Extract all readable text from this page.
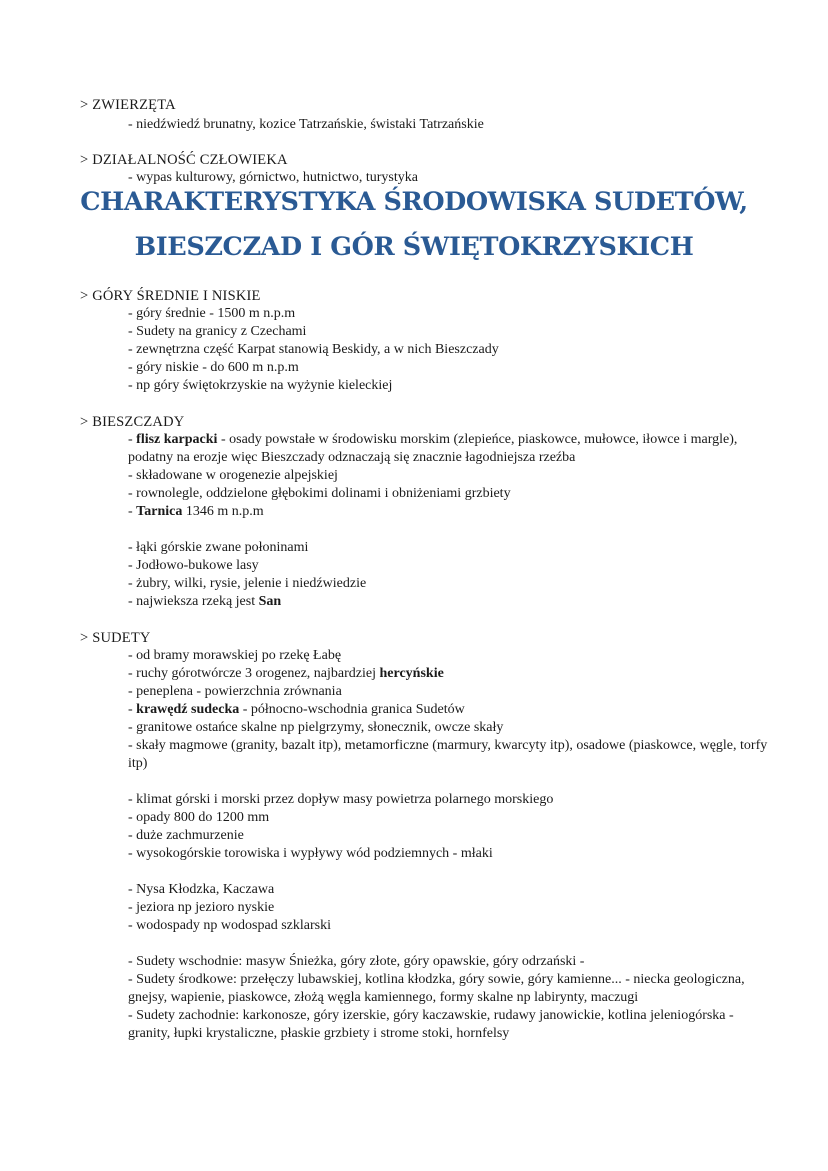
> ZWIERZĘTA
- niedźwiedź brunatny, kozice Tatrzańskie, świstaki Tatrzańskie
> DZIAŁALNOŚĆ CZŁOWIEKA
- wypas kulturowy, górnictwo, hutnictwo, turystyka
CHARAKTERYSTYKA ŚRODOWISKA SUDETÓW,
BIESZCZAD I GÓR ŚWIĘTOKRZYSKICH
> GÓRY ŚREDNIE I NISKIE
- góry średnie - 1500 m n.p.m
- Sudety na granicy z Czechami
- zewnętrzna część Karpat stanowią Beskidy, a w nich Bieszczady
- góry niskie - do 600 m n.p.m
- np góry świętokrzyskie na wyżynie kieleckiej
> BIESZCZADY
- flisz karpacki - osady powstałe w środowisku morskim (zlepieńce, piaskowce, mułowce, iłowce i margle), podatny na erozje więc Bieszczady odznaczają się znacznie łagodniejsza rzeźba
- składowane w orogenezie alpejskiej
- rownolegle, oddzielone głębokimi dolinami i obniżeniami grzbiety
- Tarnica 1346 m n.p.m
- łąki górskie zwane połoninami
- Jodłowo-bukowe lasy
- żubry, wilki, rysie, jelenie i niedźwiedzie
- najwieksza rzeką jest San
> SUDETY
- od bramy morawskiej po rzekę Łabę
- ruchy górotwórcze 3 orogenez, najbardziej hercyńskie
- peneplena - powierzchnia zrównania
- krawędź sudecka - północno-wschodnia granica Sudetów
- granitowe ostańce skalne np pielgrzymy, słonecznik, owcze skały
- skały magmowe (granity, bazalt itp), metamorficzne (marmury, kwarcyty itp), osadowe (piaskowce, węgle, torfy itp)
- klimat górski i morski przez dopływ masy powietrza polarnego morskiego
- opady 800 do 1200 mm
- duże zachmurzenie
- wysokogórskie torowiska i wypływy wód podziemnych - młaki
- Nysa Kłodzka, Kaczawa
- jeziora np jezioro nyskie
- wodospady np wodospad szklarski
- Sudety wschodnie: masyw Śnieżka, góry złote, góry opawskie, góry odrzański -
- Sudety środkowe: przełęczy lubawskiej, kotlina kłodzka, góry sowie, góry kamienne... - niecka geologiczna, gnejsy, wapienie, piaskowce, złożą węgla kamiennego, formy skalne np labirynty, maczugi
- Sudety zachodnie: karkonosze, góry izerskie, góry kaczawskie, rudawy janowickie, kotlina jeleniogórska - granity, łupki krystaliczne, płaskie grzbiety i strome stoki, hornfelsy
